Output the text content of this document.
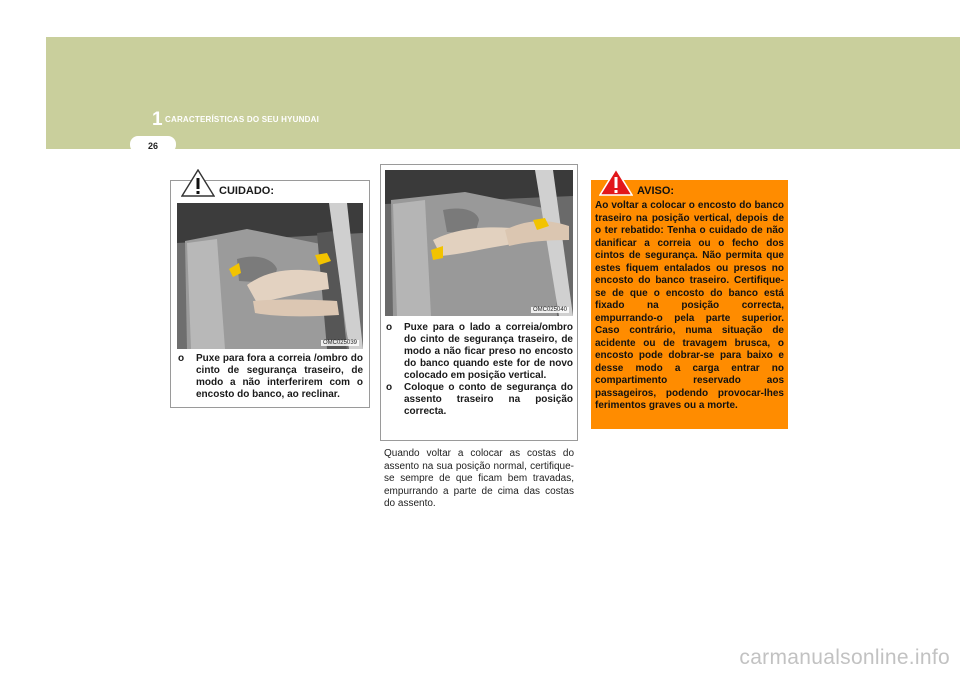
1 CARACTERÍSTICAS DO SEU HYUNDAI
26
CUIDADO:
OMC025039
o Puxe para fora a correia /ombro do cinto de segurança traseiro, de modo a não interferirem com o encosto do banco, ao reclinar.
OMC025040
o Puxe para o lado a correia/ombro do cinto de segurança traseiro, de modo a não ficar preso no encosto do banco quando este for de novo colocado em posição vertical.
o Coloque o conto de segurança do assento traseiro na posição correcta.

Quando voltar a colocar as costas do assento na sua posição normal, certifique-se sempre de que ficam bem travadas, empurrando a parte de cima das costas do assento.

AVISO:

Ao voltar a colocar o encosto do banco traseiro na posição vertical, depois de o ter rebatido: Tenha o cuidado de não danificar a correia ou o fecho dos cintos de segurança. Não permita que estes fiquem entalados ou presos no encosto do banco traseiro. Certifique-se de que o encosto do banco está fixado na posição correcta, empurrando-o pela parte superior. Caso contrário, numa situação de acidente ou de travagem brusca, o encosto pode dobrar-se para baixo e desse modo a carga entrar no compartimento reservado aos passageiros, podendo provocar-lhes ferimentos graves ou a morte.

carmanualsonline.info
